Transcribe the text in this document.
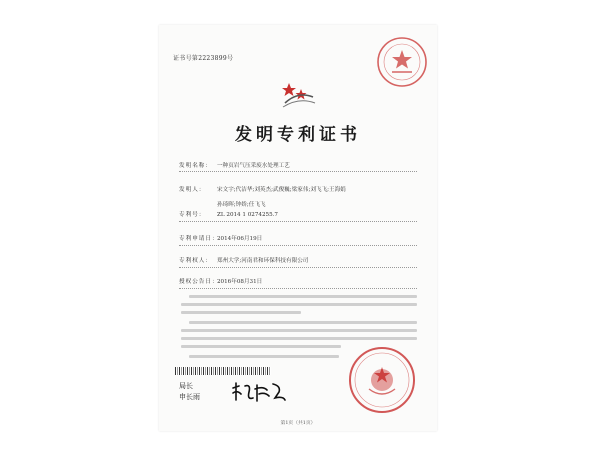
证书号第2223899号
发明专利证书
发明名称： 一种页岩气压采废水处理工艺
发明人： 宋文宇;代洁华;刘英杰;武俊巍;梁家伟;刘飞飞;王海娟
孙琦晖;钟娇;任飞飞
专利号： ZL 2014 1 0274255.7
专利申请日：2014年06月19日
专利权人： 郑州大学;河南君和环保科技有限公司
授权公告日：2016年08月31日
局长
申长雨
第1页（共1页）
